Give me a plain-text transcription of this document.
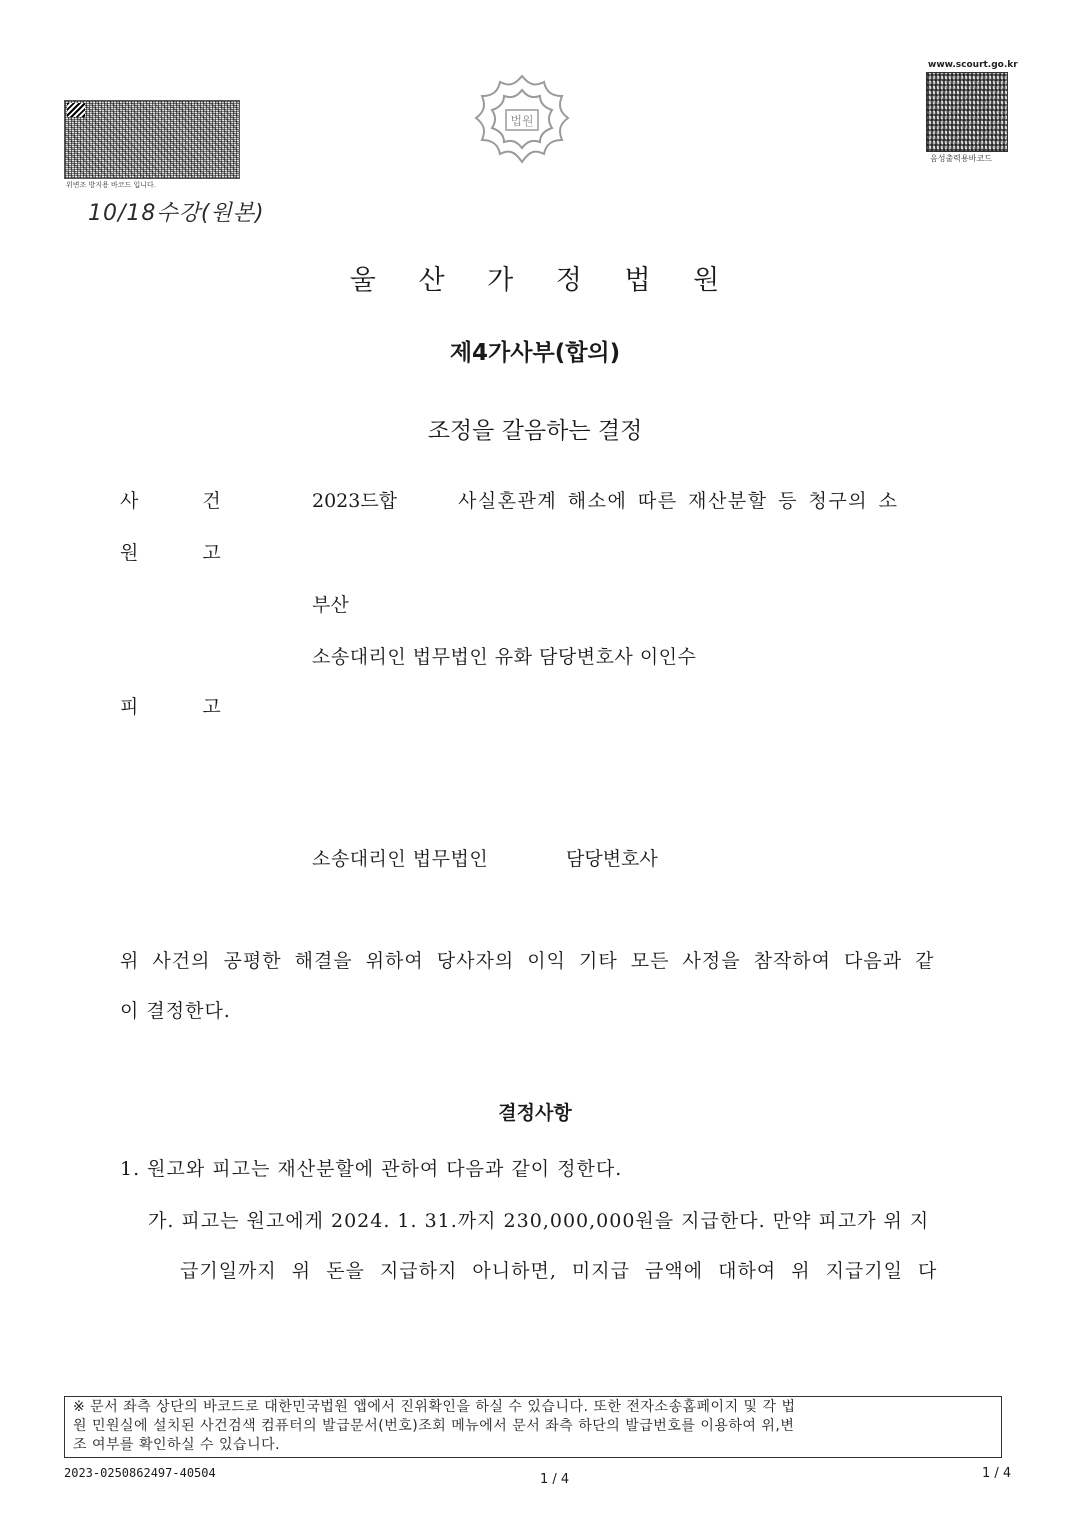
위변조 방지용 바코드 입니다.
10/18수강(원본)
법원
www.scourt.go.kr
음성출력용바코드
울 산 가 정 법 원
제4가사부(합의)
조정을 갈음하는 결정
사 건	2023드합	사실혼관계 해소에 따른 재산분할 등 청구의 소
원 고
부산
소송대리인 법무법인 유화 담당변호사 이인수
피 고
소송대리인 법무법인	담당변호사
위 사건의 공평한 해결을 위하여 당사자의 이익 기타 모든 사정을 참작하여 다음과 같
이 결정한다.
결정사항
1. 원고와 피고는 재산분할에 관하여 다음과 같이 정한다.
가. 피고는 원고에게 2024. 1. 31.까지 230,000,000원을 지급한다. 만약 피고가 위 지
급기일까지 위 돈을 지급하지 아니하면, 미지급 금액에 대하여 위 지급기일 다
※ 문서 좌측 상단의 바코드로 대한민국법원 앱에서 진위확인을 하실 수 있습니다. 또한 전자소송홈페이지 및 각 법
원 민원실에 설치된 사건검색 컴퓨터의 발급문서(번호)조회 메뉴에서 문서 좌측 하단의 발급번호를 이용하여 위,변
조 여부를 확인하실 수 있습니다.
2023-0250862497-40504	1 / 4	1 / 4
